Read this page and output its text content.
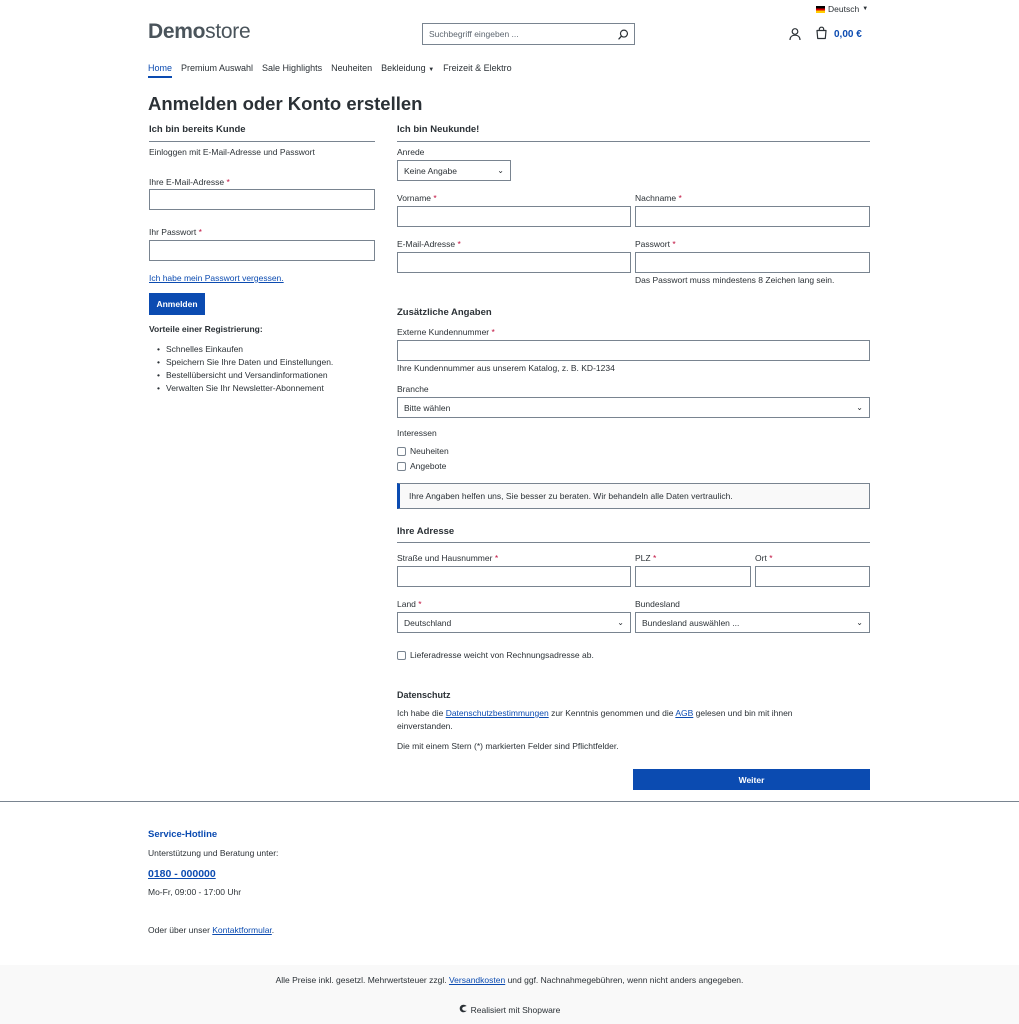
Demostore
Deutsch ▼
Suchbegriff eingeben ...
0,00 €
Home Premium Auswahl Sale Highlights Neuheiten Bekleidung ▼ Freizeit & Elektro
Anmelden oder Konto erstellen
Ich bin bereits Kunde
Einloggen mit E-Mail-Adresse und Passwort
Ihre E-Mail-Adresse *
Ihr Passwort *
Ich habe mein Passwort vergessen.
Anmelden
Vorteile einer Registrierung:
• Schnelles Einkaufen
• Speichern Sie Ihre Daten und Einstellungen.
• Bestellübersicht und Versandinformationen
• Verwalten Sie Ihr Newsletter-Abonnement
Ich bin Neukunde!
Anrede
Keine Angabe	⌄
Vorname *	Nachname *
E-Mail-Adresse *	Passwort *
Das Passwort muss mindestens 8 Zeichen lang sein.
Zusätzliche Angaben
Externe Kundennummer *
Ihre Kundennummer aus unserem Katalog, z. B. KD-1234
Branche
Bitte wählen	⌄
Interessen
Neuheiten
Angebote
Ihre Angaben helfen uns, Sie besser zu beraten. Wir behandeln alle Daten vertraulich.
Ihre Adresse
Straße und Hausnummer *	PLZ *	Ort *
Land *
Deutschland	⌄
Bundesland
Bundesland auswählen ...	⌄
Lieferadresse weicht von Rechnungsadresse ab.
Datenschutz
Ich habe die Datenschutzbestimmungen zur Kenntnis genommen und die AGB gelesen und bin mit ihnen einverstanden.
Die mit einem Stern (*) markierten Felder sind Pflichtfelder.
Weiter
Service-Hotline
Unterstützung und Beratung unter:
0180 - 000000
Mo-Fr, 09:00 - 17:00 Uhr
Oder über unser Kontaktformular.
Alle Preise inkl. gesetzl. Mehrwertsteuer zzgl. Versandkosten und ggf. Nachnahmegebühren, wenn nicht anders angegeben.
Realisiert mit Shopware
